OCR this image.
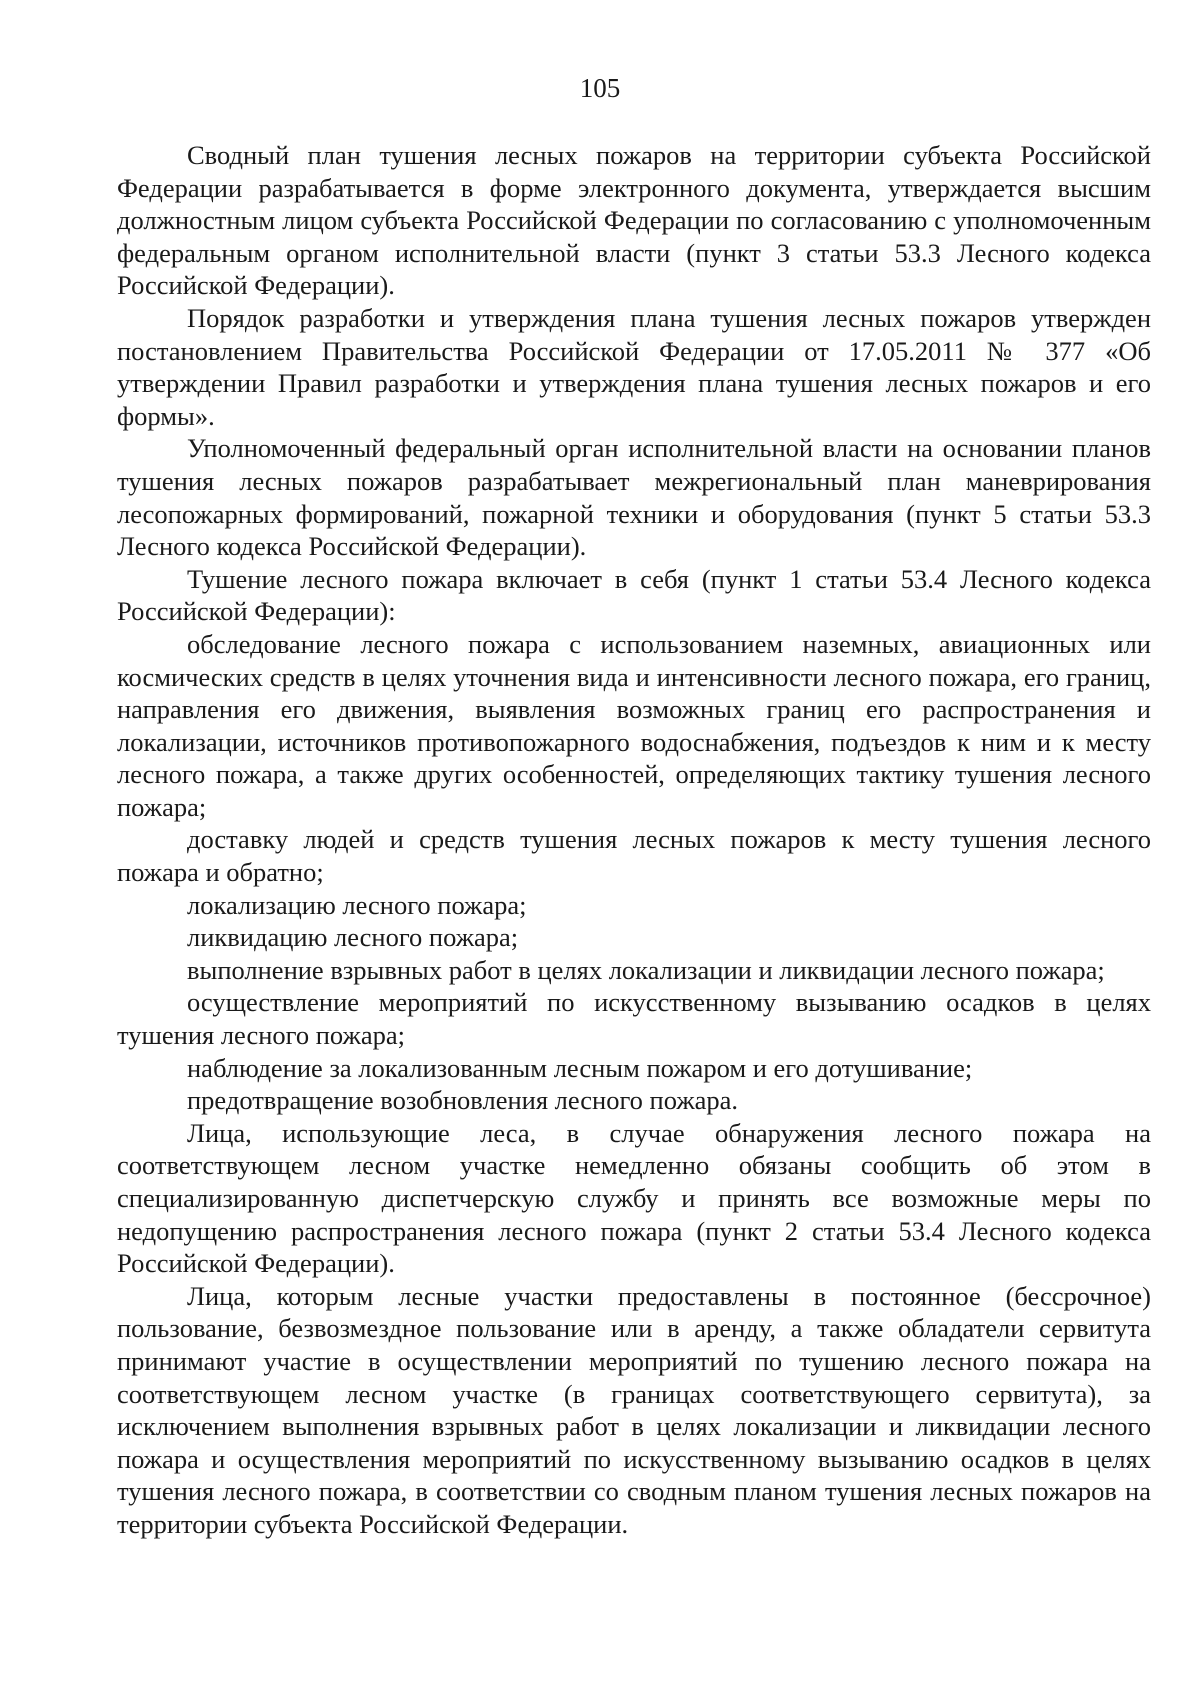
105

Сводный план тушения лесных пожаров на территории субъекта Российской Федерации разрабатывается в форме электронного документа, утверждается высшим должностным лицом субъекта Российской Федерации по согласованию с уполномоченным федеральным органом исполнительной власти (пункт 3 статьи 53.3 Лесного кодекса Российской Федерации).

Порядок разработки и утверждения плана тушения лесных пожаров утвержден постановлением Правительства Российской Федерации от 17.05.2011 № 377 «Об утверждении Правил разработки и утверждения плана тушения лесных пожаров и его формы».

Уполномоченный федеральный орган исполнительной власти на основании планов тушения лесных пожаров разрабатывает межрегиональный план маневрирования лесопожарных формирований, пожарной техники и оборудования (пункт 5 статьи 53.3 Лесного кодекса Российской Федерации).

Тушение лесного пожара включает в себя (пункт 1 статьи 53.4 Лесного кодекса Российской Федерации):

обследование лесного пожара с использованием наземных, авиационных или космических средств в целях уточнения вида и интенсивности лесного пожара, его границ, направления его движения, выявления возможных границ его распространения и локализации, источников противопожарного водоснабжения, подъездов к ним и к месту лесного пожара, а также других особенностей, определяющих тактику тушения лесного пожара;

доставку людей и средств тушения лесных пожаров к месту тушения лесного пожара и обратно;

локализацию лесного пожара;

ликвидацию лесного пожара;

выполнение взрывных работ в целях локализации и ликвидации лесного пожара;

осуществление мероприятий по искусственному вызыванию осадков в целях тушения лесного пожара;

наблюдение за локализованным лесным пожаром и его дотушивание;

предотвращение возобновления лесного пожара.

Лица, использующие леса, в случае обнаружения лесного пожара на соответствующем лесном участке немедленно обязаны сообщить об этом в специализированную диспетчерскую службу и принять все возможные меры по недопущению распространения лесного пожара (пункт 2 статьи 53.4 Лесного кодекса Российской Федерации).

Лица, которым лесные участки предоставлены в постоянное (бессрочное) пользование, безвозмездное пользование или в аренду, а также обладатели сервитута принимают участие в осуществлении мероприятий по тушению лесного пожара на соответствующем лесном участке (в границах соответствующего сервитута), за исключением выполнения взрывных работ в целях локализации и ликвидации лесного пожара и осуществления мероприятий по искусственному вызыванию осадков в целях тушения лесного пожара, в соответствии со сводным планом тушения лесных пожаров на территории субъекта Российской Федерации.
